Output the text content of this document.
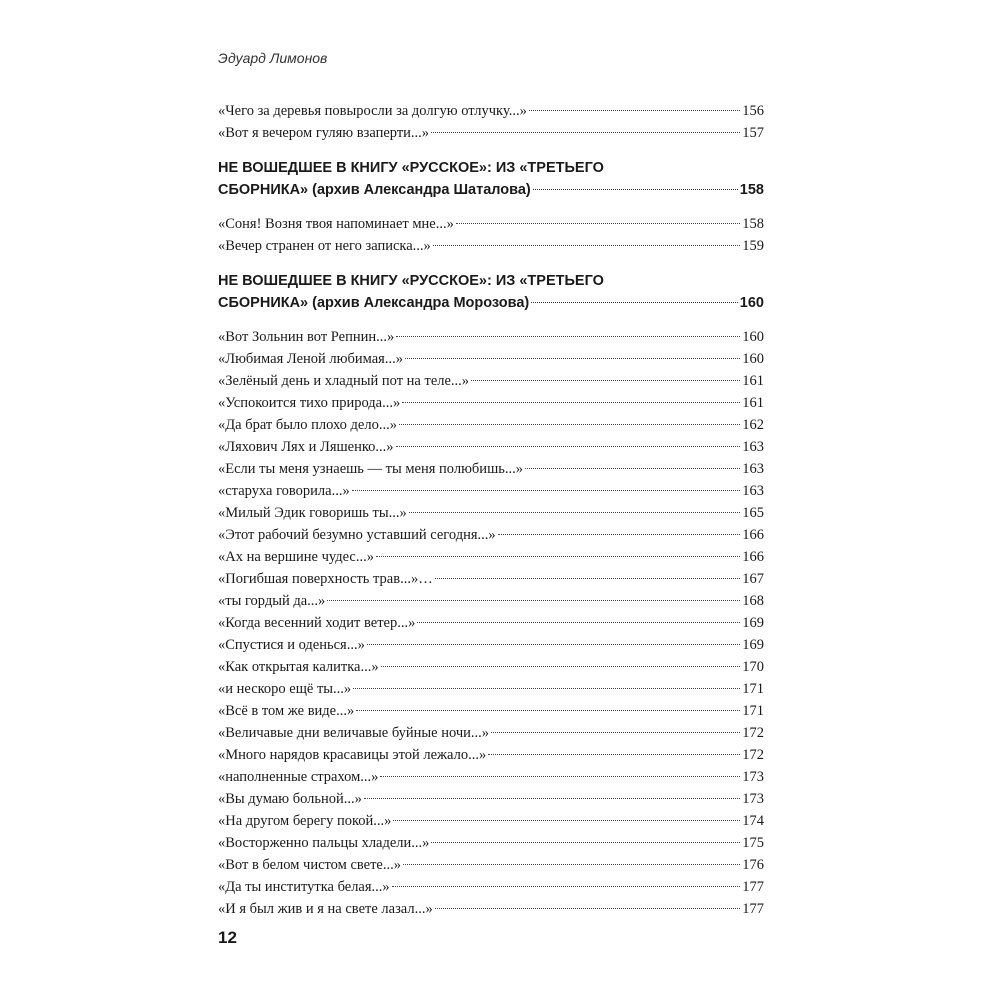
Эдуард Лимонов
«Чего за деревья повыросли за долгую отлучку...»	156
«Вот я вечером гуляю взаперти...»	157
НЕ ВОШЕДШЕЕ В КНИГУ «РУССКОЕ»: ИЗ «ТРЕТЬЕГО
СБОРНИКА» (архив Александра Шаталова)	158
«Соня! Возня твоя напоминает мне...»	158
«Вечер странен от него записка...»	159
НЕ ВОШЕДШЕЕ В КНИГУ «РУССКОЕ»: ИЗ «ТРЕТЬЕГО
СБОРНИКА» (архив Александра Морозова)	160
«Вот Зольнин вот Репнин...»	160
«Любимая Леной любимая...»	160
«Зелёный день и хладный пот на теле...»	161
«Успокоится тихо природа...»	161
«Да брат было плохо дело...»	162
«Ляхович Лях и Ляшенко...»	163
«Если ты меня узнаешь — ты меня полюбишь...»	163
«старуха говорила...»	163
«Милый Эдик говоришь ты...»	165
«Этот рабочий безумно уставший сегодня...»	166
«Ах на вершине чудес...»	166
«Погибшая поверхность трав...»…	167
«ты гордый да...»	168
«Когда весенний ходит ветер...»	169
«Спустися и оденься...»	169
«Как открытая калитка...»	170
«и нескоро ещё ты...»	171
«Всё в том же виде...»	171
«Величавые дни величавые буйные ночи...»	172
«Много нарядов красавицы этой лежало...»	172
«наполненные страхом...»	173
«Вы думаю больной...»	173
«На другом берегу покой...»	174
«Восторженно пальцы хладели...»	175
«Вот в белом чистом свете...»	176
«Да ты институтка белая...»	177
«И я был жив и я на свете лазал...»	177
12
